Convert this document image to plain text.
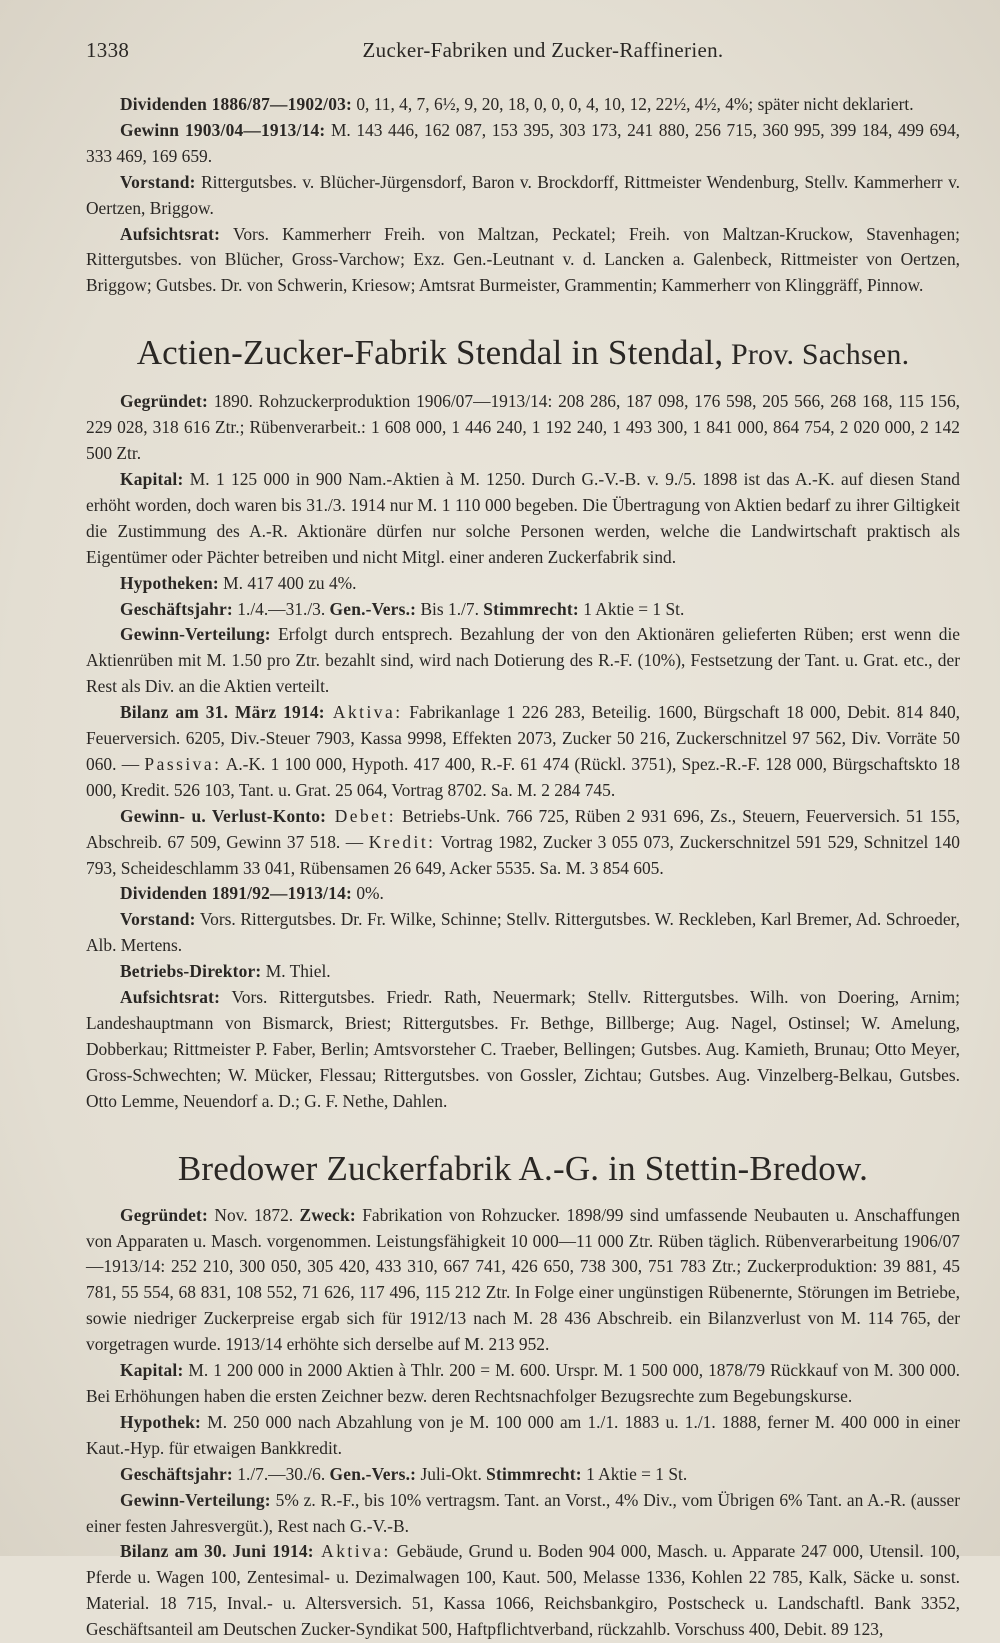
1338	Zucker-Fabriken und Zucker-Raffinerien.

Dividenden 1886/87—1902/03: 0, 11, 4, 7, 6½, 9, 20, 18, 0, 0, 0, 4, 10, 12, 22½, 4½, 4%; später nicht deklariert.

Gewinn 1903/04—1913/14: M. 143 446, 162 087, 153 395, 303 173, 241 880, 256 715, 360 995, 399 184, 499 694, 333 469, 169 659.

Vorstand: Rittergutsbes. v. Blücher-Jürgensdorf, Baron v. Brockdorff, Rittmeister Wendenburg, Stellv. Kammerherr v. Oertzen, Briggow.

Aufsichtsrat: Vors. Kammerherr Freih. von Maltzan, Peckatel; Freih. von Maltzan-Kruckow, Stavenhagen; Rittergutsbes. von Blücher, Gross-Varchow; Exz. Gen.-Leutnant v. d. Lancken a. Galenbeck, Rittmeister von Oertzen, Briggow; Gutsbes. Dr. von Schwerin, Kriesow; Amtsrat Burmeister, Grammentin; Kammerherr von Klinggräff, Pinnow.

Actien-Zucker-Fabrik Stendal in Stendal, Prov. Sachsen.

Gegründet: 1890. Rohzuckerproduktion 1906/07—1913/14: 208 286, 187 098, 176 598, 205 566, 268 168, 115 156, 229 028, 318 616 Ztr.; Rübenverarbeit.: 1 608 000, 1 446 240, 1 192 240, 1 493 300, 1 841 000, 864 754, 2 020 000, 2 142 500 Ztr.

Kapital: M. 1 125 000 in 900 Nam.-Aktien à M. 1250. Durch G.-V.-B. v. 9./5. 1898 ist das A.-K. auf diesen Stand erhöht worden, doch waren bis 31./3. 1914 nur M. 1 110 000 begeben. Die Übertragung von Aktien bedarf zu ihrer Giltigkeit die Zustimmung des A.-R. Aktionäre dürfen nur solche Personen werden, welche die Landwirtschaft praktisch als Eigentümer oder Pächter betreiben und nicht Mitgl. einer anderen Zuckerfabrik sind.

Hypotheken: M. 417 400 zu 4%.

Geschäftsjahr: 1./4.—31./3. Gen.-Vers.: Bis 1./7. Stimmrecht: 1 Aktie = 1 St.

Gewinn-Verteilung: Erfolgt durch entsprech. Bezahlung der von den Aktionären gelieferten Rüben; erst wenn die Aktienrüben mit M. 1.50 pro Ztr. bezahlt sind, wird nach Dotierung des R.-F. (10%), Festsetzung der Tant. u. Grat. etc., der Rest als Div. an die Aktien verteilt.

Bilanz am 31. März 1914: Aktiva: Fabrikanlage 1 226 283, Beteilig. 1600, Bürgschaft 18 000, Debit. 814 840, Feuerversich. 6205, Div.-Steuer 7903, Kassa 9998, Effekten 2073, Zucker 50 216, Zuckerschnitzel 97 562, Div. Vorräte 50 060. — Passiva: A.-K. 1 100 000, Hypoth. 417 400, R.-F. 61 474 (Rückl. 3751), Spez.-R.-F. 128 000, Bürgschaftskto 18 000, Kredit. 526 103, Tant. u. Grat. 25 064, Vortrag 8702. Sa. M. 2 284 745.

Gewinn- u. Verlust-Konto: Debet: Betriebs-Unk. 766 725, Rüben 2 931 696, Zs., Steuern, Feuerversich. 51 155, Abschreib. 67 509, Gewinn 37 518. — Kredit: Vortrag 1982, Zucker 3 055 073, Zuckerschnitzel 591 529, Schnitzel 140 793, Scheideschlamm 33 041, Rübensamen 26 649, Acker 5535. Sa. M. 3 854 605.

Dividenden 1891/92—1913/14: 0%.

Vorstand: Vors. Rittergutsbes. Dr. Fr. Wilke, Schinne; Stellv. Rittergutsbes. W. Reckleben, Karl Bremer, Ad. Schroeder, Alb. Mertens.

Betriebs-Direktor: M. Thiel.

Aufsichtsrat: Vors. Rittergutsbes. Friedr. Rath, Neuermark; Stellv. Rittergutsbes. Wilh. von Doering, Arnim; Landeshauptmann von Bismarck, Briest; Rittergutsbes. Fr. Bethge, Billberge; Aug. Nagel, Ostinsel; W. Amelung, Dobberkau; Rittmeister P. Faber, Berlin; Amtsvorsteher C. Traeber, Bellingen; Gutsbes. Aug. Kamieth, Brunau; Otto Meyer, Gross-Schwechten; W. Mücker, Flessau; Rittergutsbes. von Gossler, Zichtau; Gutsbes. Aug. Vinzelberg-Belkau, Gutsbes. Otto Lemme, Neuendorf a. D.; G. F. Nethe, Dahlen.

Bredower Zuckerfabrik A.-G. in Stettin-Bredow.

Gegründet: Nov. 1872. Zweck: Fabrikation von Rohzucker. 1898/99 sind umfassende Neubauten u. Anschaffungen von Apparaten u. Masch. vorgenommen. Leistungsfähigkeit 10 000—11 000 Ztr. Rüben täglich. Rübenverarbeitung 1906/07—1913/14: 252 210, 300 050, 305 420, 433 310, 667 741, 426 650, 738 300, 751 783 Ztr.; Zuckerproduktion: 39 881, 45 781, 55 554, 68 831, 108 552, 71 626, 117 496, 115 212 Ztr. In Folge einer ungünstigen Rübenernte, Störungen im Betriebe, sowie niedriger Zuckerpreise ergab sich für 1912/13 nach M. 28 436 Abschreib. ein Bilanzverlust von M. 114 765, der vorgetragen wurde. 1913/14 erhöhte sich derselbe auf M. 213 952.

Kapital: M. 1 200 000 in 2000 Aktien à Thlr. 200 = M. 600. Urspr. M. 1 500 000, 1878/79 Rückkauf von M. 300 000. Bei Erhöhungen haben die ersten Zeichner bezw. deren Rechtsnachfolger Bezugsrechte zum Begebungskurse.

Hypothek: M. 250 000 nach Abzahlung von je M. 100 000 am 1./1. 1883 u. 1./1. 1888, ferner M. 400 000 in einer Kaut.-Hyp. für etwaigen Bankkredit.

Geschäftsjahr: 1./7.—30./6. Gen.-Vers.: Juli-Okt. Stimmrecht: 1 Aktie = 1 St.

Gewinn-Verteilung: 5% z. R.-F., bis 10% vertragsm. Tant. an Vorst., 4% Div., vom Übrigen 6% Tant. an A.-R. (ausser einer festen Jahresvergüt.), Rest nach G.-V.-B.

Bilanz am 30. Juni 1914: Aktiva: Gebäude, Grund u. Boden 904 000, Masch. u. Apparate 247 000, Utensil. 100, Pferde u. Wagen 100, Zentesimal- u. Dezimalwagen 100, Kaut. 500, Melasse 1336, Kohlen 22 785, Kalk, Säcke u. sonst. Material. 18 715, Inval.- u. Altersversich. 51, Kassa 1066, Reichsbankgiro, Postscheck u. Landschaftl. Bank 3352, Geschäftsanteil am Deutschen Zucker-Syndikat 500, Haftpflichtverband, rückzahlb. Vorschuss 400, Debit. 89 123,
